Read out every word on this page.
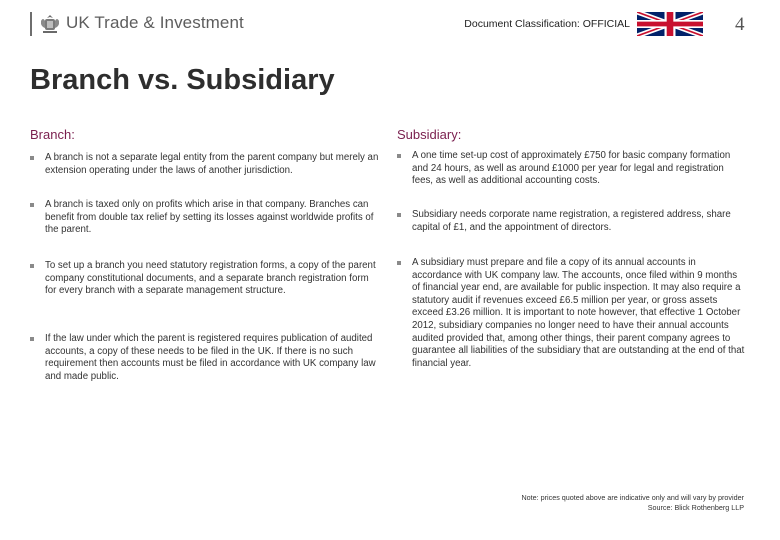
UK Trade & Investment	Document Classification: OFFICIAL	4
Branch vs. Subsidiary
Branch:
A branch is not a separate legal entity from the parent company but merely an extension operating under the laws of another jurisdiction.
A branch is taxed only on profits which arise in that company. Branches can benefit from double tax relief by setting its losses against worldwide profits of the parent.
To set up a branch you need statutory registration forms, a copy of the parent company constitutional documents, and a separate branch registration form for every branch with a separate management structure.
If the law under which the parent is registered requires publication of audited accounts, a copy of these needs to be filed in the UK. If there is no such requirement then accounts must be filed in accordance with UK company law and made public.
Subsidiary:
A one time set-up cost of approximately £750 for basic company formation and 24 hours, as well as around £1000 per year for legal and registration fees, as well as additional accounting costs.
Subsidiary needs corporate name registration, a registered address, share capital of £1, and the appointment of directors.
A subsidiary must prepare and file a copy of its annual accounts in accordance with UK company law. The accounts, once filed within 9 months of financial year end, are available for public inspection. It may also require a statutory audit if revenues exceed £6.5 million per year, or gross assets exceed £3.26 million. It is important to note however, that effective 1 October 2012, subsidiary companies no longer need to have their annual accounts audited provided that, among other things, their parent company agrees to guarantee all liabilities of the subsidiary that are outstanding at the end of that financial year.
Note: prices quoted above are indicative only and will vary by provider
Source: Blick Rothenberg LLP
